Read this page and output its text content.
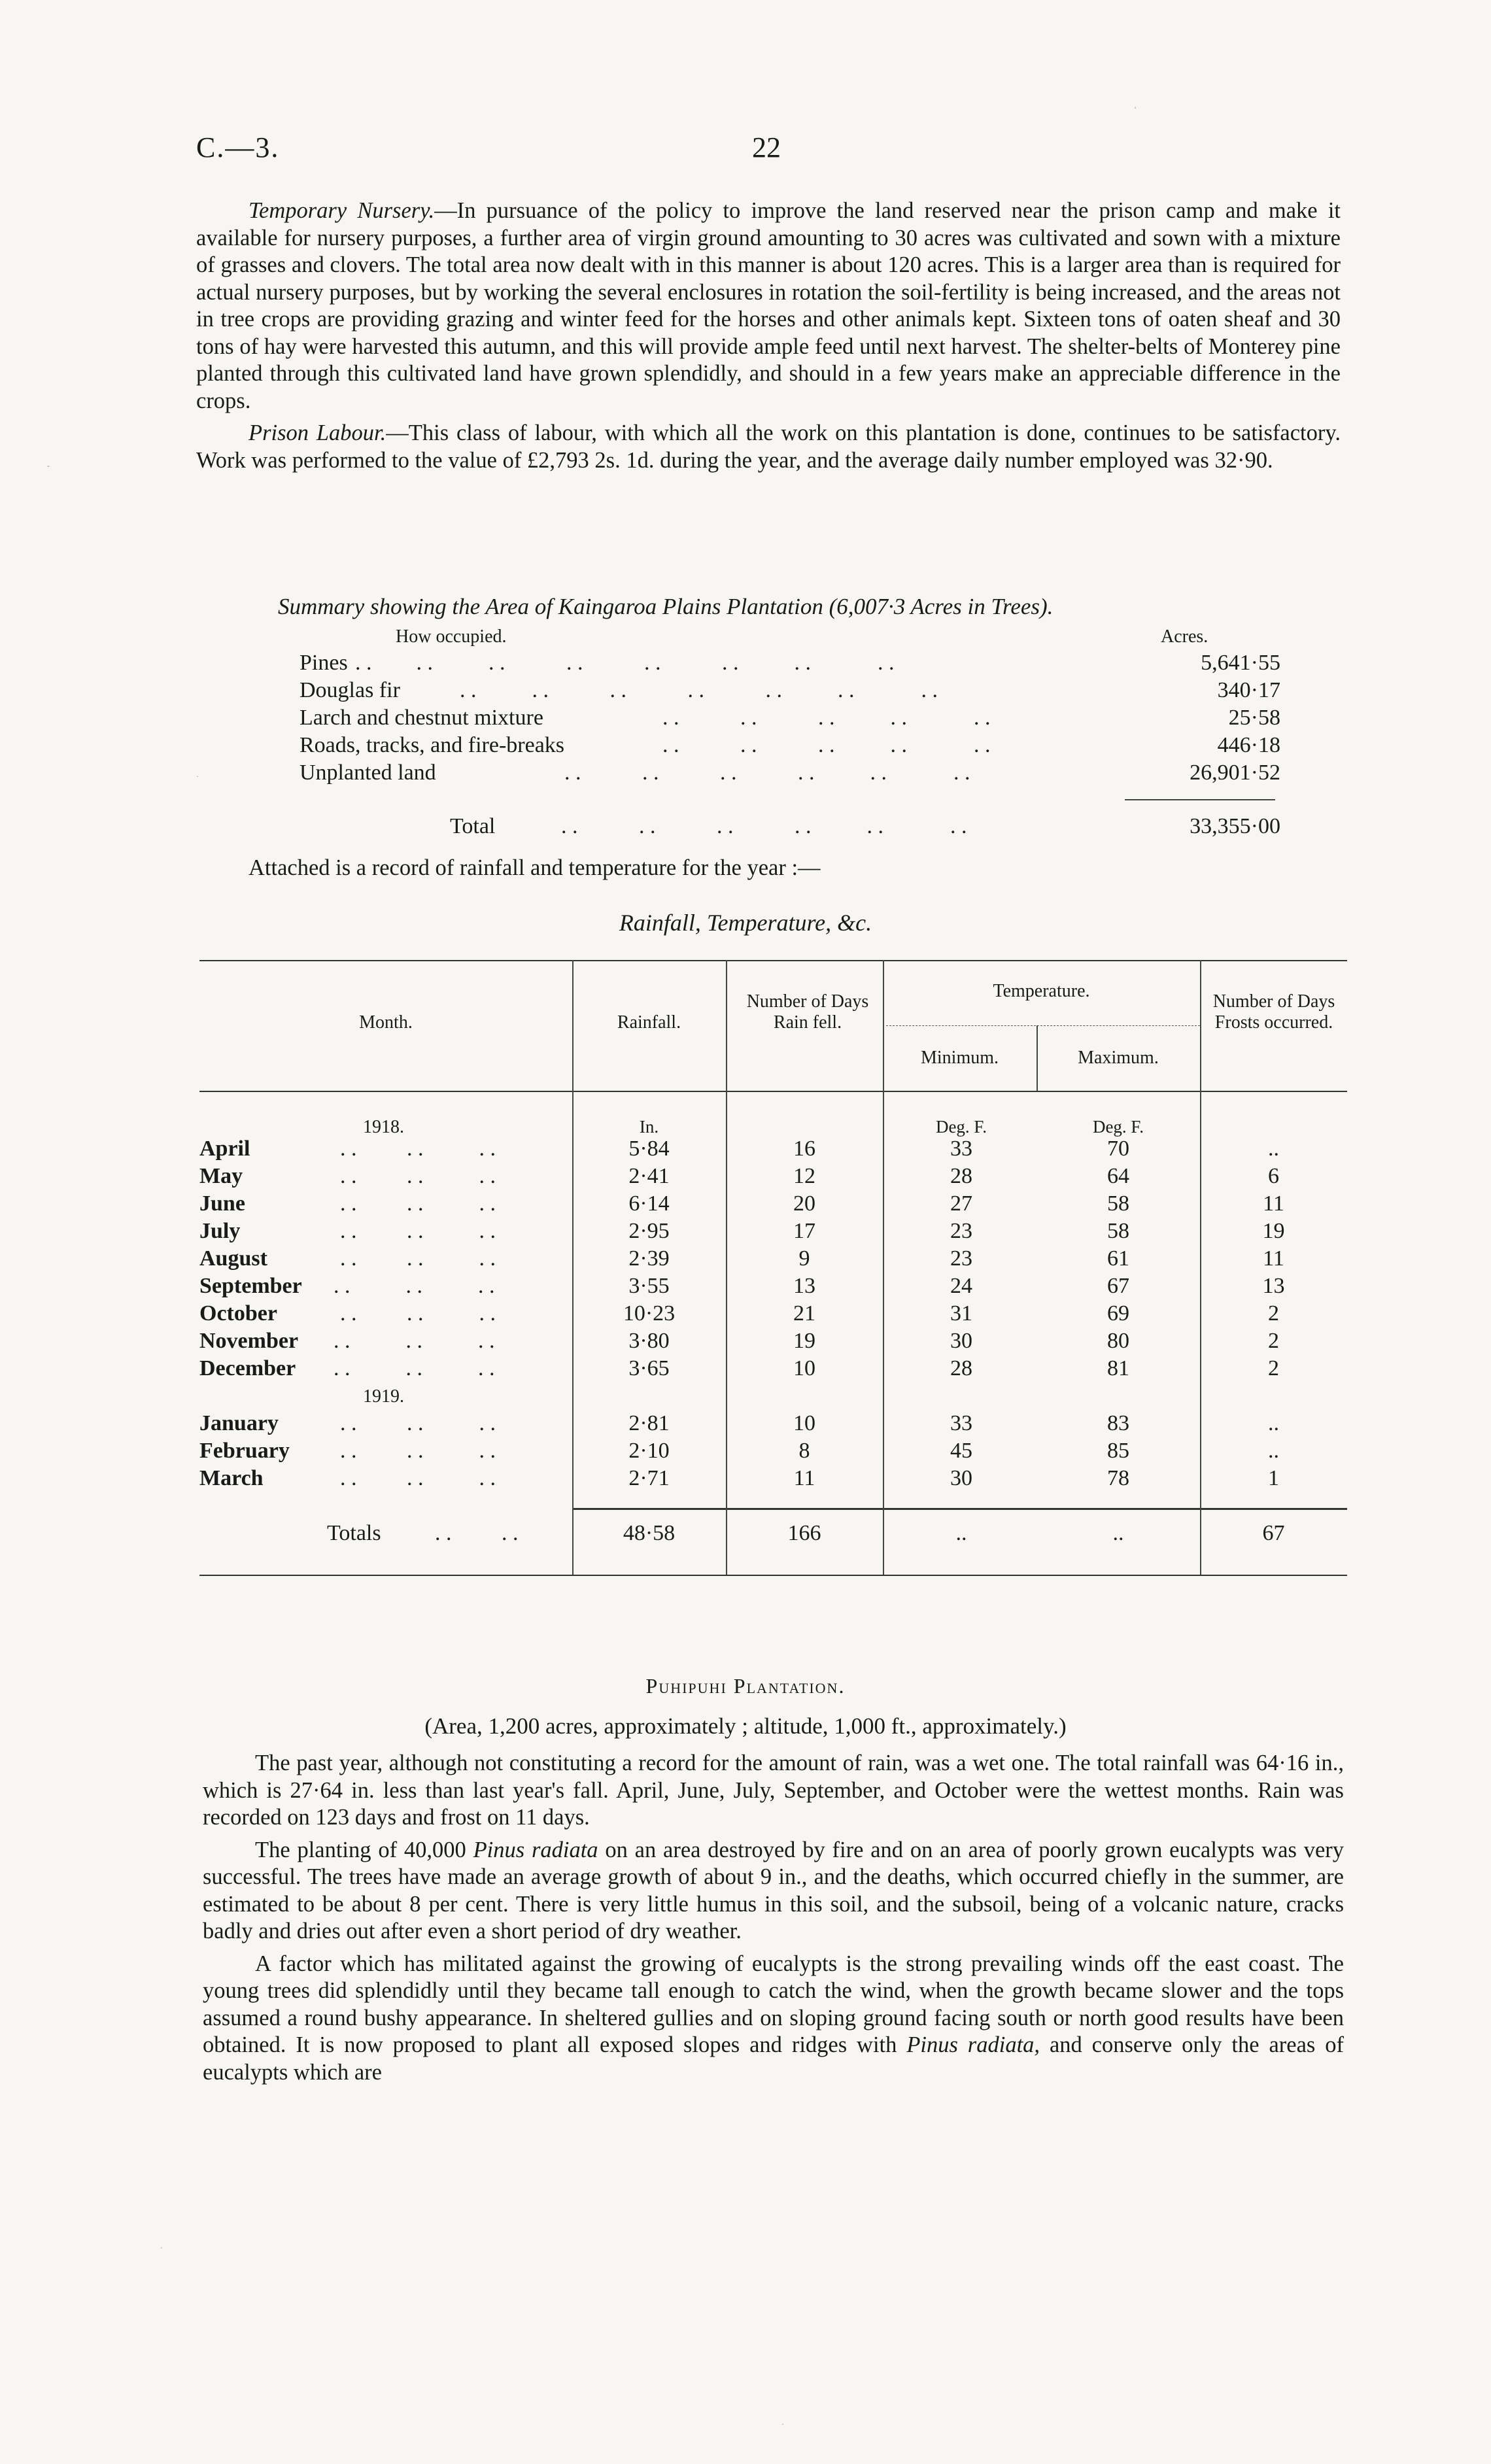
C.—3.	22

Temporary Nursery.—In pursuance of the policy to improve the land reserved near the prison camp and make it available for nursery purposes, a further area of virgin ground amounting to 30 acres was cultivated and sown with a mixture of grasses and clovers. The total area now dealt with in this manner is about 120 acres. This is a larger area than is required for actual nursery purposes, but by working the several enclosures in rotation the soil-fertility is being increased, and the areas not in tree crops are providing grazing and winter feed for the horses and other animals kept. Sixteen tons of oaten sheaf and 30 tons of hay were harvested this autumn, and this will provide ample feed until next harvest. The shelter-belts of Monterey pine planted through this cultivated land have grown splendidly, and should in a few years make an appreciable difference in the crops.

Prison Labour.—This class of labour, with which all the work on this plantation is done, continues to be satisfactory. Work was performed to the value of £2,793 2s. 1d. during the year, and the average daily number employed was 32·90.

Summary showing the Area of Kaingaroa Plains Plantation (6,007·3 Acres in Trees).
How occupied.	Acres.

Pines . .        . .          . .           . .           . .           . .          . .            . .	5,641·55
Douglas fir	. .          . .           . .           . .           . .          . .            . .	340·17
Larch and chestnut mixture	. .           . .           . .          . .            . .	25·58
Roads, tracks, and fire-breaks	. .           . .           . .          . .            . .	446·18
Unplanted land	. .           . .           . .           . .          . .            . .	26,901·52
Total	. .           . .           . .           . .          . .            . .	33,355·00
Attached is a record of rainfall and temperature for the year :—
Rainfall, Temperature, &c.
Month.	Rainfall.
Number of Days Rain fell.
Temperature.
Minimum.	Maximum.
Number of Days Frosts occurred.
In.	Deg. F.	Deg. F.
1918.
. .         . .          . .
April	5·84	16	33	70	..
. .         . .          . .
May	2·41	12	28	64	6
. .         . .          . .
June	6·14	20	27	58	11
. .         . .          . .
July	2·95	17	23	58	19
. .         . .          . .
August	2·39	9	23	61	11
. .          . .          . .
September	3·55	13	24	67	13
. .         . .          . .
October	10·23	21	31	69	2
. .          . .          . .
November	3·80	19	30	80	2
. .          . .          . .
December	3·65	10	28	81	2
1919.
. .         . .          . .
January	2·81	10	33	83	..
. .         . .          . .
February	2·10	8	45	85	..
. .         . .          . .
March	2·71	11	30	78	1
. .         . .
Totals	48·58	166	..	..	67
Puhipuhi Plantation.
(Area, 1,200 acres, approximately ; altitude, 1,000 ft., approximately.)

The past year, although not constituting a record for the amount of rain, was a wet one. The total rainfall was 64·16 in., which is 27·64 in. less than last year's fall. April, June, July, September, and October were the wettest months. Rain was recorded on 123 days and frost on 11 days.

The planting of 40,000 Pinus radiata on an area destroyed by fire and on an area of poorly grown eucalypts was very successful. The trees have made an average growth of about 9 in., and the deaths, which occurred chiefly in the summer, are estimated to be about 8 per cent. There is very little humus in this soil, and the subsoil, being of a volcanic nature, cracks badly and dries out after even a short period of dry weather.

A factor which has militated against the growing of eucalypts is the strong prevailing winds off the east coast. The young trees did splendidly until they became tall enough to catch the wind, when the growth became slower and the tops assumed a round bushy appearance. In sheltered gullies and on sloping ground facing south or north good results have been obtained. It is now proposed to plant all exposed slopes and ridges with Pinus radiata, and conserve only the areas of eucalypts which are

'
-
·
·
·
